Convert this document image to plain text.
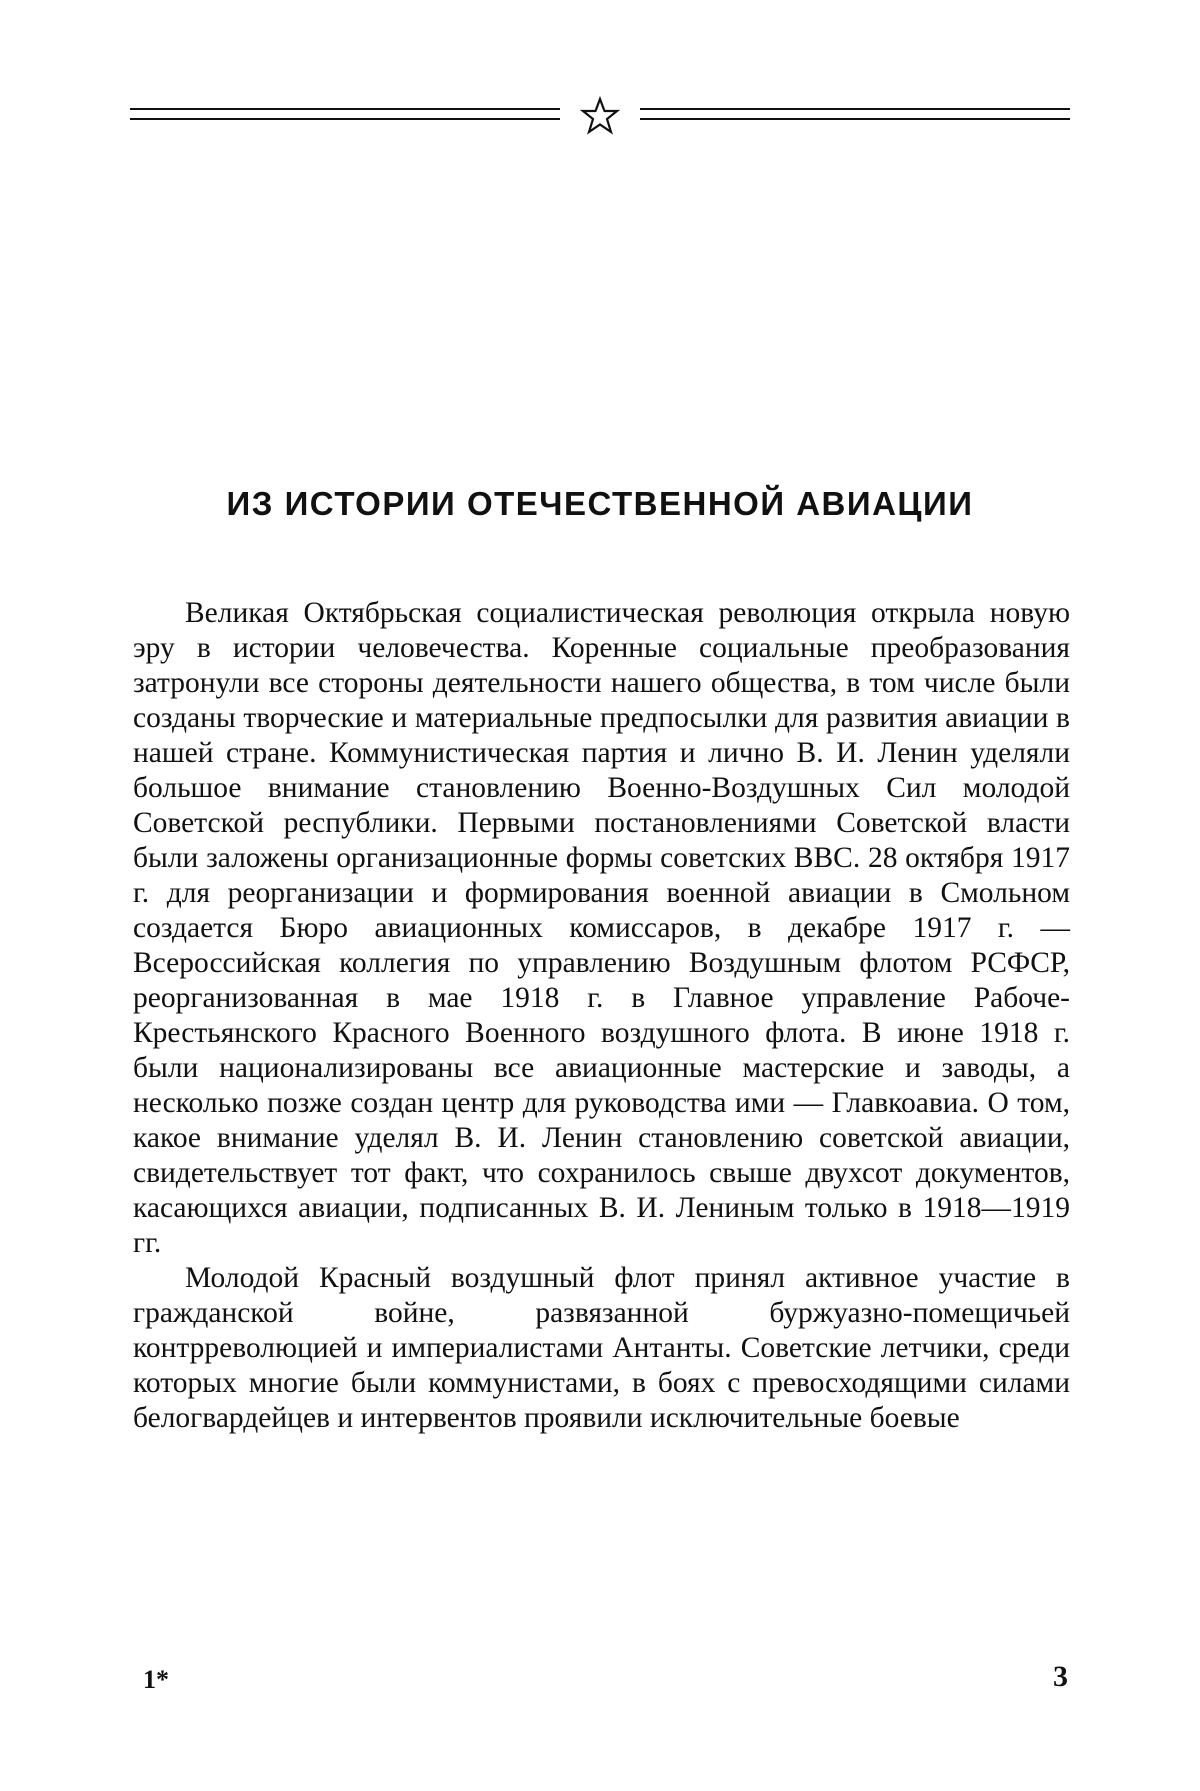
ИЗ ИСТОРИИ ОТЕЧЕСТВЕННОЙ АВИАЦИИ

Великая Октябрьская социалистическая революция открыла новую эру в истории человечества. Коренные социальные преобразования затронули все стороны деятельности нашего общества, в том числе были созданы творческие и материальные предпосылки для развития авиации в нашей стране. Коммунистическая партия и лично В. И. Ленин уделяли большое внимание становлению Военно-Воздушных Сил молодой Советской республики. Первыми постановлениями Советской власти были заложены организационные формы советских ВВС. 28 октября 1917 г. для реорганизации и формирования военной авиации в Смольном создается Бюро авиационных комиссаров, в декабре 1917 г. — Всероссийская коллегия по управлению Воздушным флотом РСФСР, реорганизованная в мае 1918 г. в Главное управление Рабоче-Крестьянского Красного Военного воздушного флота. В июне 1918 г. были национализированы все авиационные мастерские и заводы, а несколько позже создан центр для руководства ими — Главкоавиа. О том, какое внимание уделял В. И. Ленин становлению советской авиации, свидетельствует тот факт, что сохранилось свыше двухсот документов, касающихся авиации, подписанных В. И. Лениным только в 1918—1919 гг.

Молодой Красный воздушный флот принял активное участие в гражданской войне, развязанной буржуазно-помещичьей контрреволюцией и империалистами Антанты. Советские летчики, среди которых многие были коммунистами, в боях с превосходящими силами белогвардейцев и интервентов проявили исключительные боевые

1*	3
